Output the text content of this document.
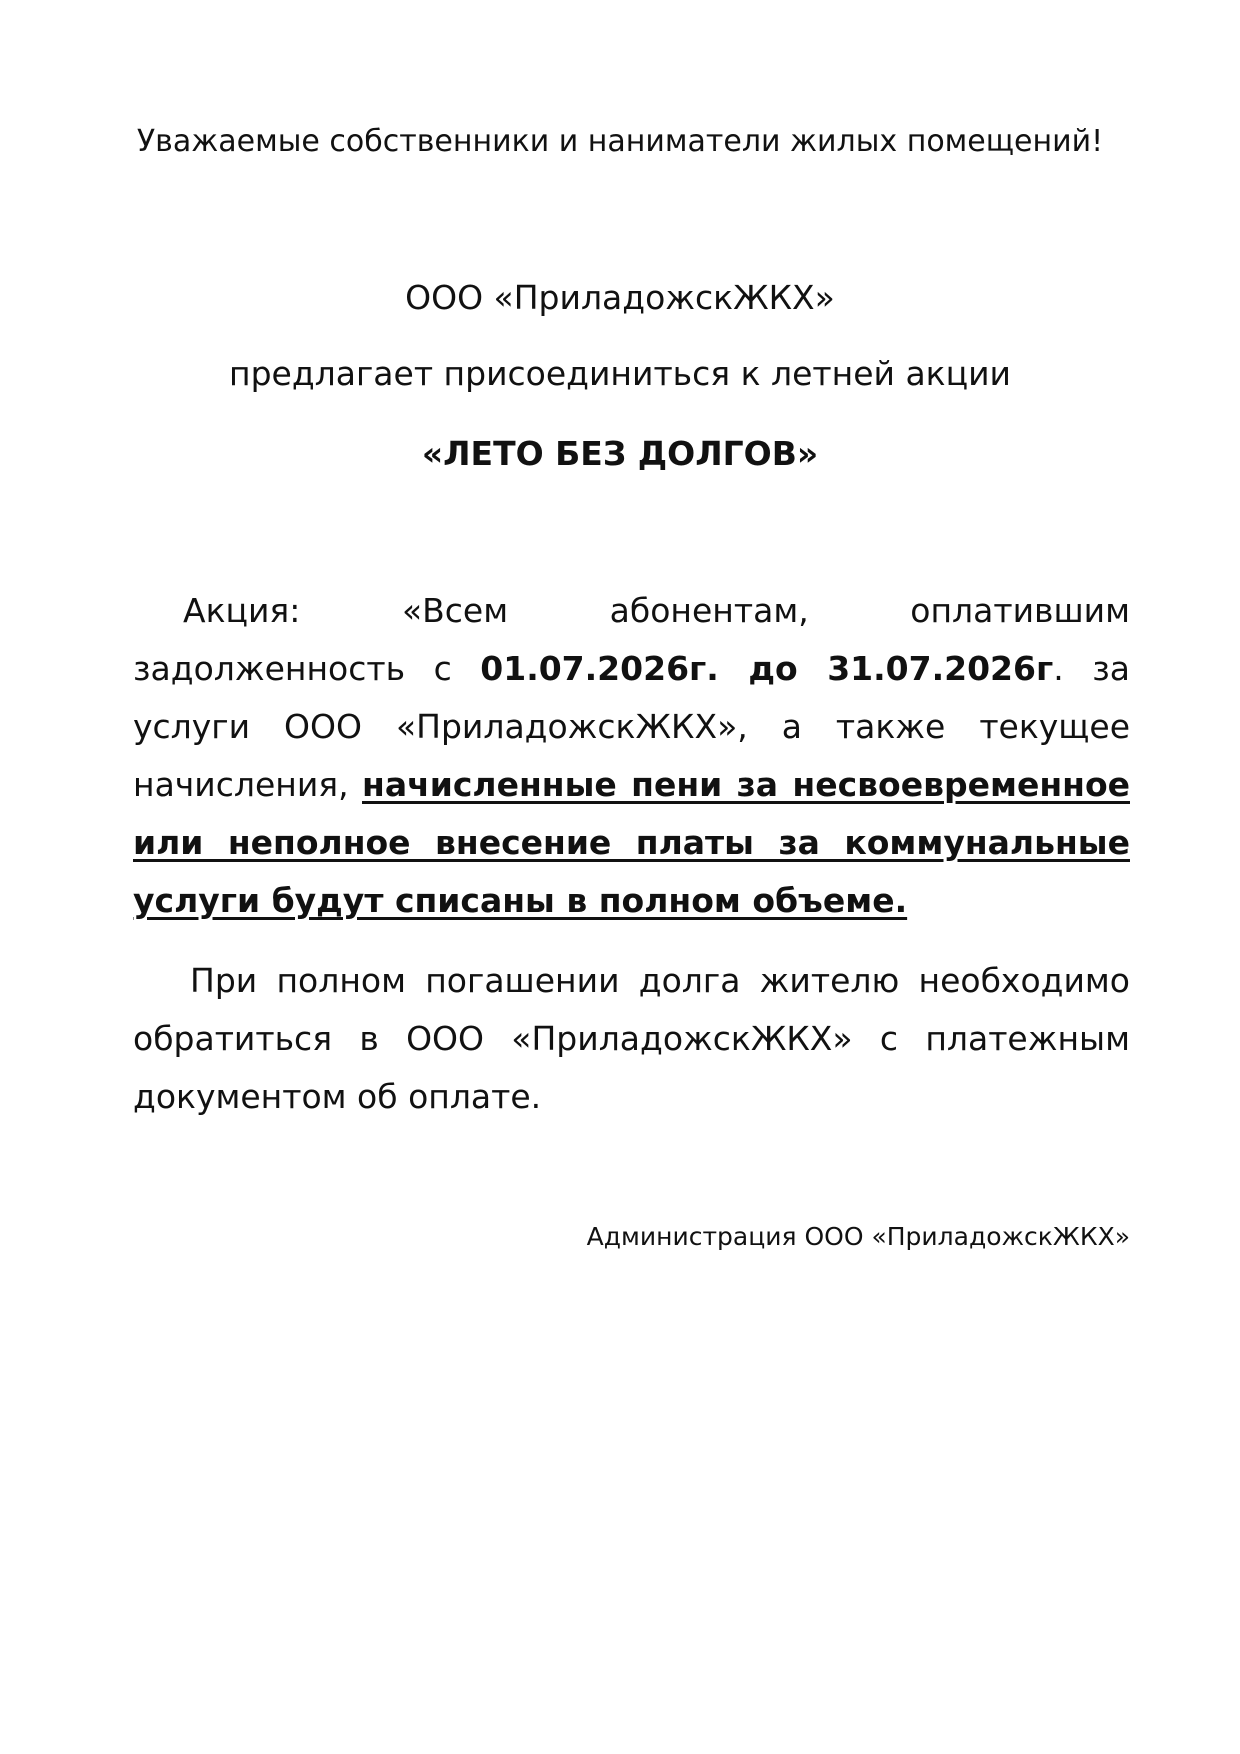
Уважаемые собственники и наниматели жилых помещений!

ООО «ПриладожскЖКХ»

предлагает присоединиться к летней акции

«ЛЕТО БЕЗ ДОЛГОВ»

Акция: «Всем абонентам, оплатившим задолженность с 01.07.2026г. до 31.07.2026г. за услуги ООО «ПриладожскЖКХ», а также текущее начисления, начисленные пени за несвоевременное или неполное внесение платы за коммунальные услуги будут списаны в полном объеме.

При полном погашении долга жителю необходимо обратиться в ООО «ПриладожскЖКХ» с платежным документом об оплате.

Администрация ООО «ПриладожскЖКХ»
